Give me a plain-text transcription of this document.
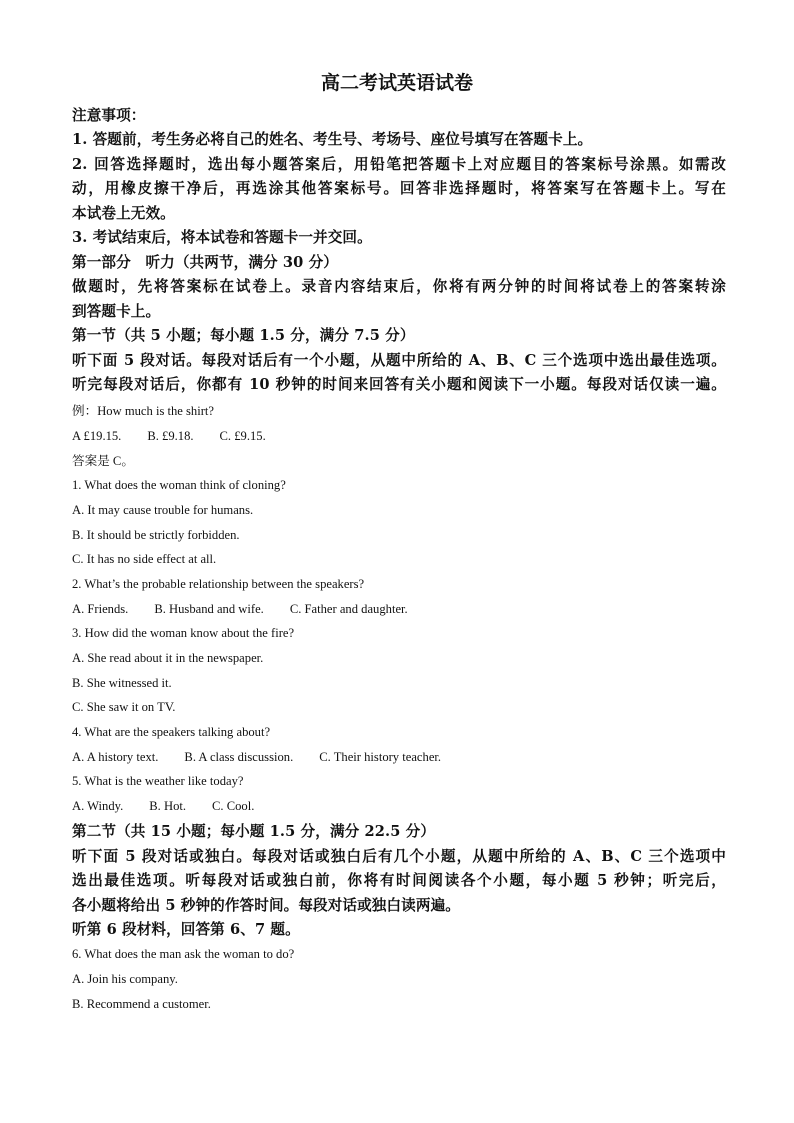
高二考试英语试卷
注意事项：
1. 答题前，考生务必将自己的姓名、考生号、考场号、座位号填写在答题卡上。
2. 回答选择题时，选出每小题答案后，用铅笔把答题卡上对应题目的答案标号涂黑。如需改
动，用橡皮擦干净后，再选涂其他答案标号。回答非选择题时，将答案写在答题卡上。写在
本试卷上无效。
3. 考试结束后，将本试卷和答题卡一并交回。
第一部分　听力（共两节，满分 30 分）
做题时，先将答案标在试卷上。录音内容结束后，你将有两分钟的时间将试卷上的答案转涂
到答题卡上。
第一节（共 5 小题；每小题 1.5 分，满分 7.5 分）
听下面 5 段对话。每段对话后有一个小题，从题中所给的 A、B、C 三个选项中选出最佳选项。
听完每段对话后，你都有 10 秒钟的时间来回答有关小题和阅读下一小题。每段对话仅读一遍。
例：How much is the shirt?
A £19.15. B. £9.18. C. £9.15.
答案是 C。
1. What does the woman think of cloning?
A. It may cause trouble for humans.
B. It should be strictly forbidden.
C. It has no side effect at all.
2. What’s the probable relationship between the speakers?
A. Friends. B. Husband and wife. C. Father and daughter.
3. How did the woman know about the fire?
A. She read about it in the newspaper.
B. She witnessed it.
C. She saw it on TV.
4. What are the speakers talking about?
A. A history text. B. A class discussion. C. Their history teacher.
5. What is the weather like today?
A. Windy. B. Hot. C. Cool.
第二节（共 15 小题；每小题 1.5 分，满分 22.5 分）
听下面 5 段对话或独白。每段对话或独白后有几个小题，从题中所给的 A、B、C 三个选项中
选出最佳选项。听每段对话或独白前，你将有时间阅读各个小题，每小题 5 秒钟；听完后，
各小题将给出 5 秒钟的作答时间。每段对话或独白读两遍。
听第 6 段材料，回答第 6、7 题。
6. What does the man ask the woman to do?
A. Join his company.
B. Recommend a customer.
